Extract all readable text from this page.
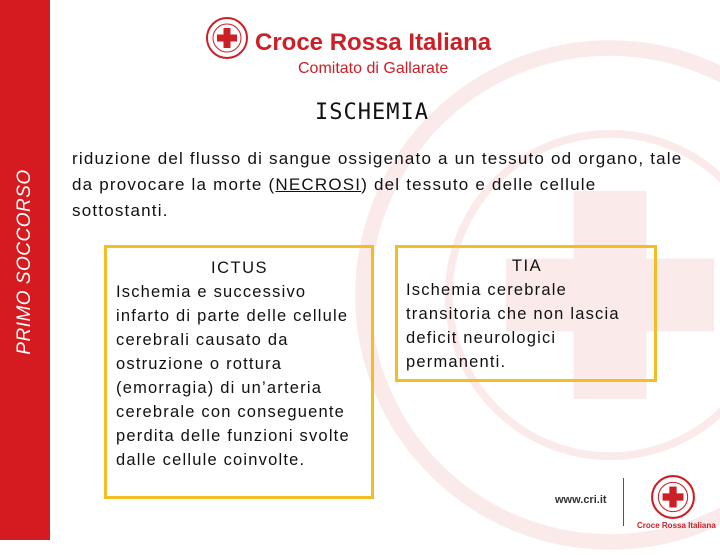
PRIMO SOCCORSO
Croce Rossa Italiana
Comitato di Gallarate
ISCHEMIA
riduzione del flusso di sangue ossigenato a un tessuto od organo, tale da provocare la morte (NECROSI) del tessuto e delle cellule sottostanti.
ICTUS
Ischemia e successivo infarto di parte delle cellule cerebrali causato da ostruzione o rottura (emorragia) di un’arteria cerebrale con conseguente perdita delle funzioni svolte dalle cellule coinvolte.
TIA
Ischemia cerebrale transitoria che non lascia deficit neurologici permanenti.
www.cri.it
Croce Rossa Italiana
